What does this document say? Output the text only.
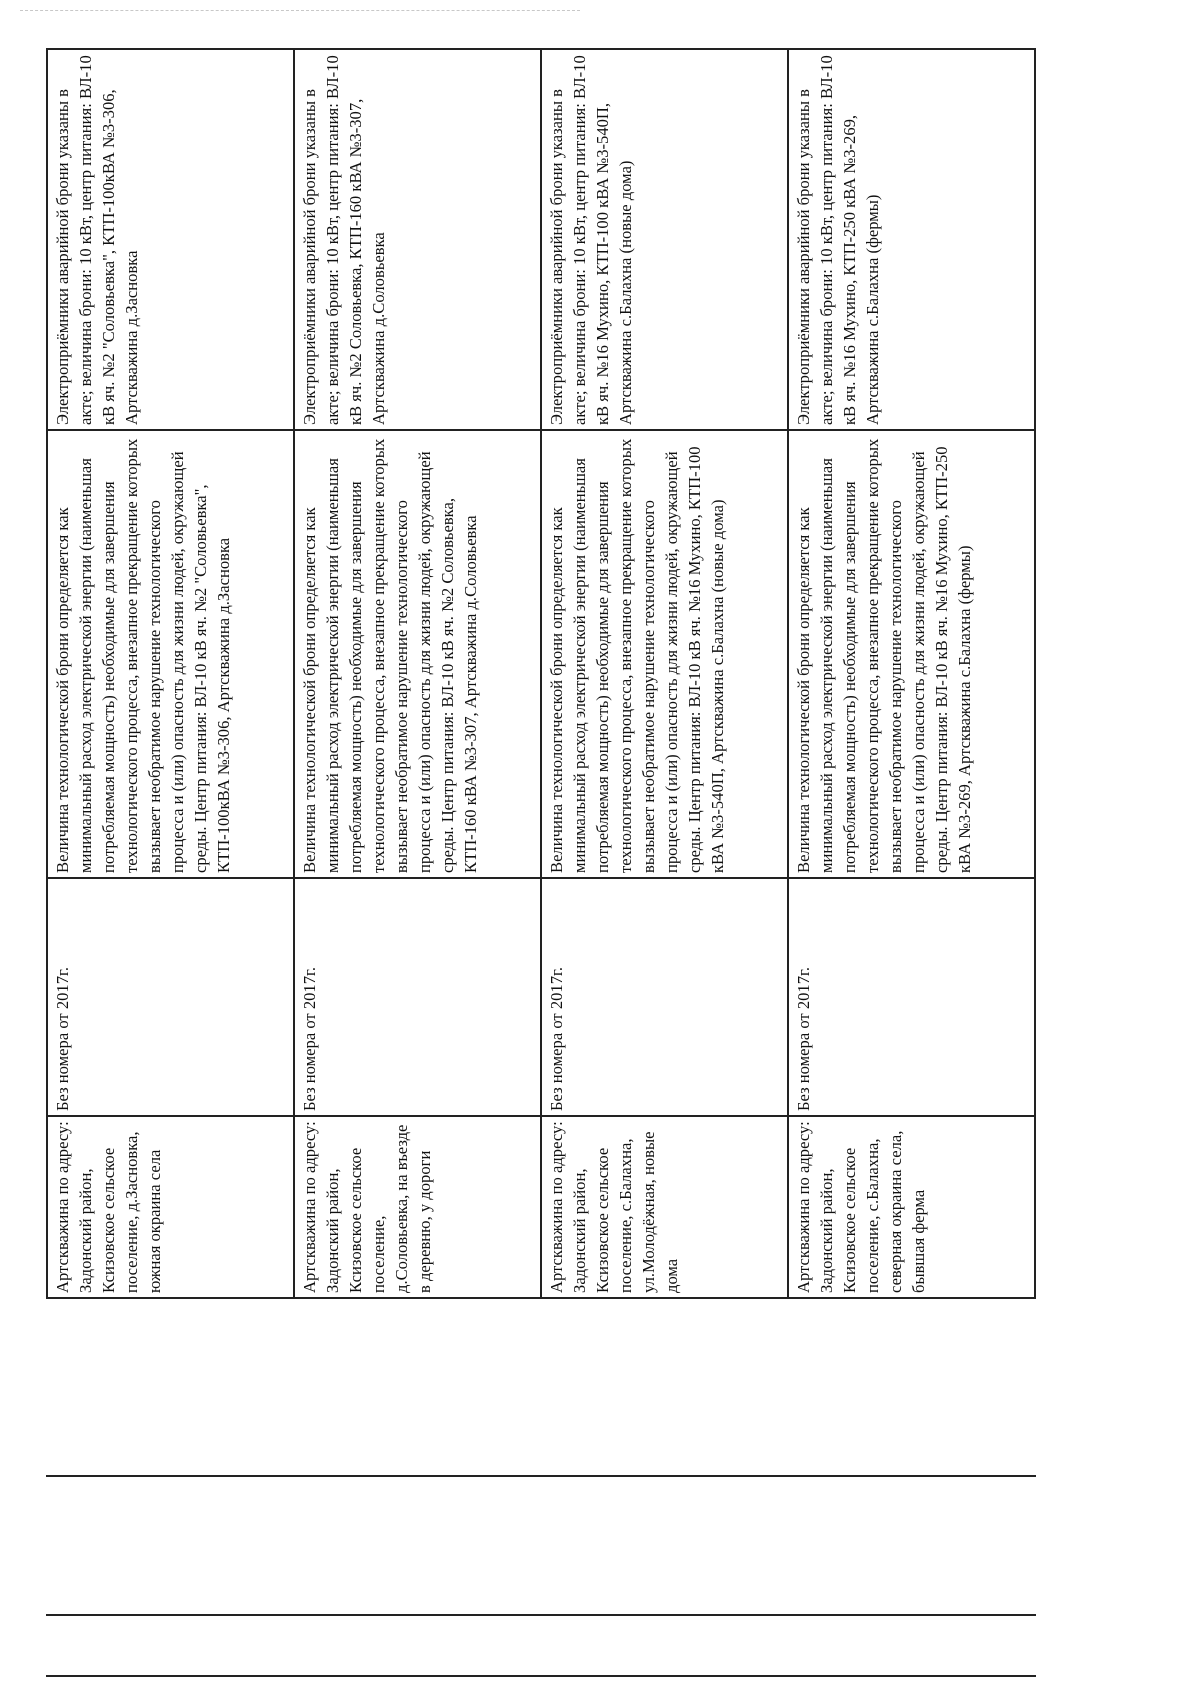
Артскважина по адресу: Задонский район, Ксизовское сельское поселение, д.Засновка, южная окраина села	Без номера от 2017г.	Величина технологической брони определяется как минимальный расход электрической энергии (наименьшая потребляемая мощность) необходимые для завершения технологического процесса, внезапное прекращение которых вызывает необратимое нарушение технологического процесса и (или) опасность для жизни людей, окружающей среды. Центр питания: ВЛ-10 кВ яч. №2 "Соловьевка", КТП-100кВА №3-306, Артскважина д.Засновка	Электроприёмники аварийной брони указаны в акте; величина брони: 10 кВт, центр питания: ВЛ-10 кВ яч. №2 "Соловьевка", КТП-100кВА №3-306, Артскважина д.Засновка
Артскважина по адресу: Задонский район, Ксизовское сельское поселение, д.Соловьевка, на въезде в деревню, у дороги	Без номера от 2017г.	Величина технологической брони определяется как минимальный расход электрической энергии (наименьшая потребляемая мощность) необходимые для завершения технологического процесса, внезапное прекращение которых вызывает необратимое нарушение технологического процесса и (или) опасность для жизни людей, окружающей среды. Центр питания: ВЛ-10 кВ яч. №2 Соловьевка, КТП-160 кВА №3-307, Артскважина д.Соловьевка	Электроприёмники аварийной брони указаны в акте; величина брони: 10 кВт, центр питания: ВЛ-10 кВ яч. №2 Соловьевка, КТП-160 кВА №3-307, Артскважина д.Соловьевка
Артскважина по адресу: Задонский район, Ксизовское сельское поселение, с.Балахна, ул.Молодёжная, новые дома	Без номера от 2017г.	Величина технологической брони определяется как минимальный расход электрической энергии (наименьшая потребляемая мощность) необходимые для завершения технологического процесса, внезапное прекращение которых вызывает необратимое нарушение технологического процесса и (или) опасность для жизни людей, окружающей среды. Центр питания: ВЛ-10 кВ яч. №16 Мухино, КТП-100 кВА №3-540П, Артскважина с.Балахна (новые дома)	Электроприёмники аварийной брони указаны в акте; величина брони: 10 кВт, центр питания: ВЛ-10 кВ яч. №16 Мухино, КТП-100 кВА №3-540П, Артскважина с.Балахна (новые дома)
Артскважина по адресу: Задонский район, Ксизовское сельское поселение, с.Балахна, северная окраина села, бывшая ферма	Без номера от 2017г.	Величина технологической брони определяется как минимальный расход электрической энергии (наименьшая потребляемая мощность) необходимые для завершения технологического процесса, внезапное прекращение которых вызывает необратимое нарушение технологического процесса и (или) опасность для жизни людей, окружающей среды. Центр питания: ВЛ-10 кВ яч. №16 Мухино, КТП-250 кВА №3-269, Артскважина с.Балахна (фермы)	Электроприёмники аварийной брони указаны в акте; величина брони: 10 кВт, центр питания: ВЛ-10 кВ яч. №16 Мухино, КТП-250 кВА №3-269, Артскважина с.Балахна (фермы)
